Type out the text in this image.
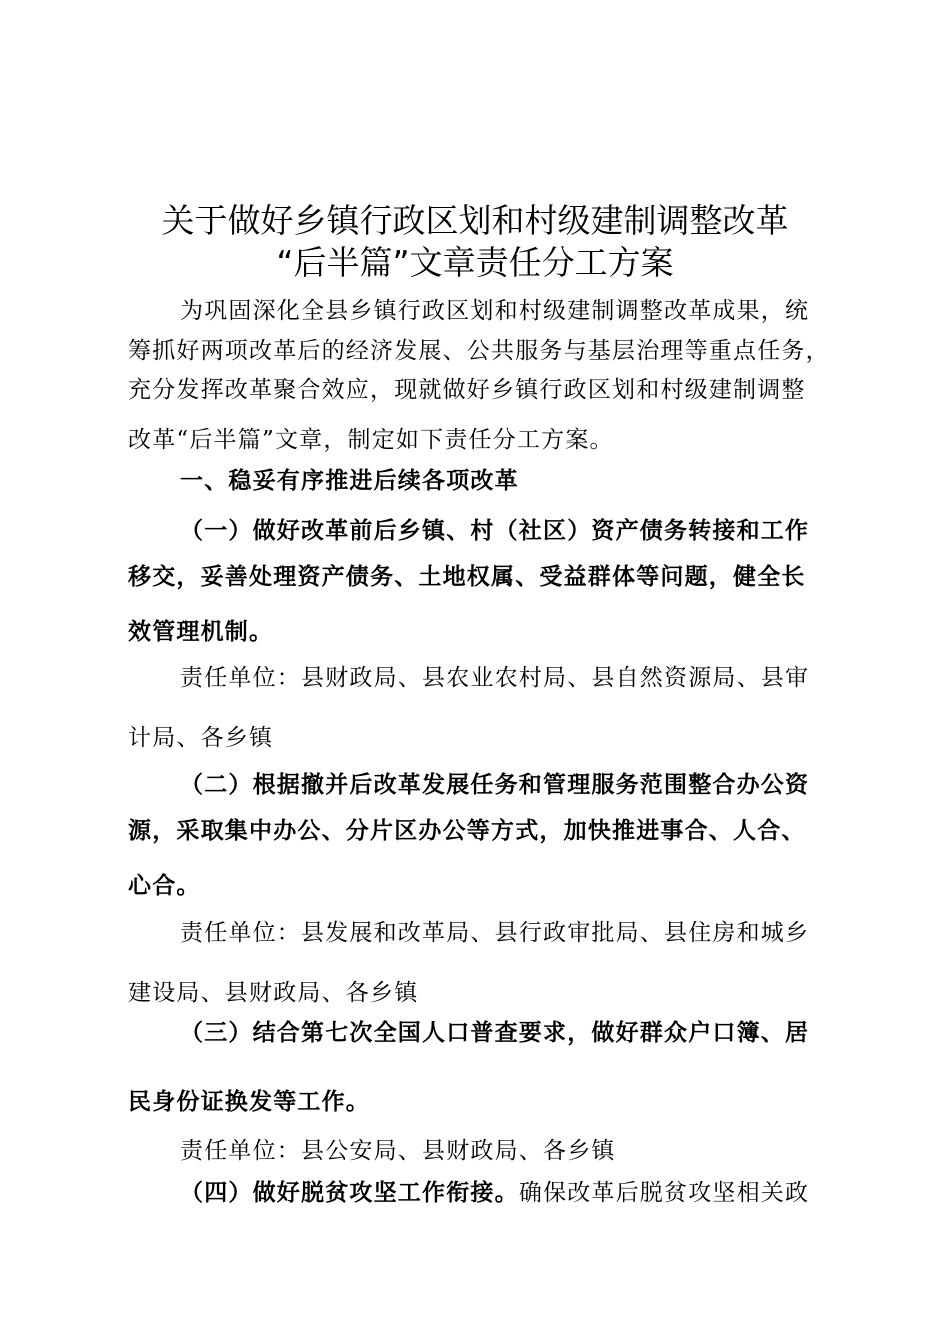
关于做好乡镇行政区划和村级建制调整改革
“后半篇”文章责任分工方案
为巩固深化全县乡镇行政区划和村级建制调整改革成果，统
筹抓好两项改革后的经济发展、公共服务与基层治理等重点任务，
充分发挥改革聚合效应，现就做好乡镇行政区划和村级建制调整
改革“后半篇”文章，制定如下责任分工方案。
一、稳妥有序推进后续各项改革
（一）做好改革前后乡镇、村（社区）资产债务转接和工作
移交，妥善处理资产债务、土地权属、受益群体等问题，健全长
效管理机制。
责任单位：县财政局、县农业农村局、县自然资源局、县审
计局、各乡镇
（二）根据撤并后改革发展任务和管理服务范围整合办公资
源，采取集中办公、分片区办公等方式，加快推进事合、人合、
心合。
责任单位：县发展和改革局、县行政审批局、县住房和城乡
建设局、县财政局、各乡镇
（三）结合第七次全国人口普查要求，做好群众户口簿、居
民身份证换发等工作。
责任单位：县公安局、县财政局、各乡镇
（四）做好脱贫攻坚工作衔接。确保改革后脱贫攻坚相关政
